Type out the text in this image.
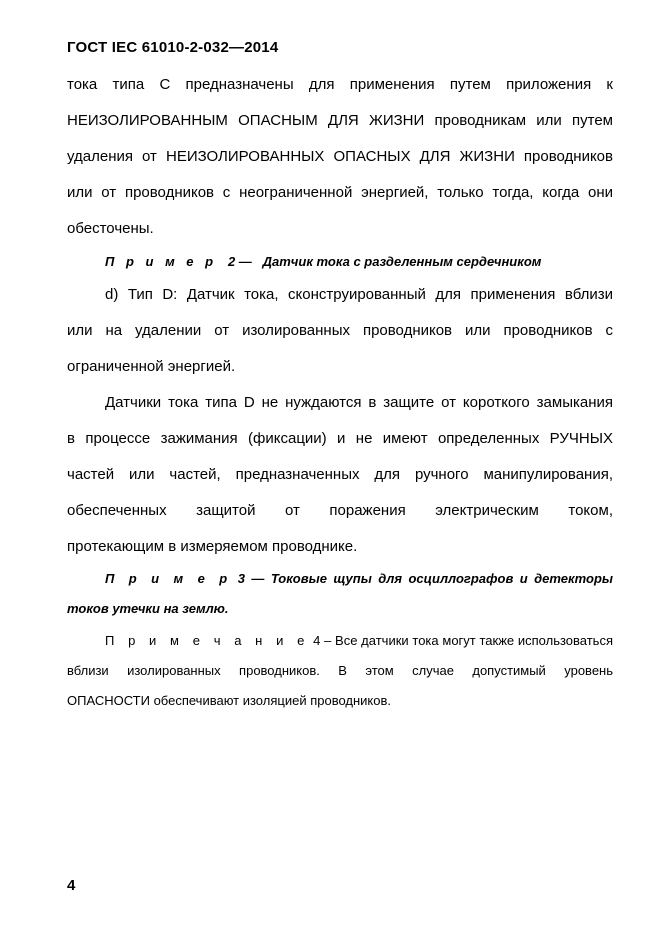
ГОСТ IEC 61010-2-032—2014
тока типа C предназначены для применения путем приложения к
НЕИЗОЛИРОВАННЫМ ОПАСНЫМ ДЛЯ ЖИЗНИ проводникам или путем
удаления от НЕИЗОЛИРОВАННЫХ ОПАСНЫХ ДЛЯ ЖИЗНИ проводников
или от проводников с неограниченной энергией, только тогда, когда они
обесточены.
П р и м е р 2 — Датчик тока с разделенным сердечником
d) Тип D: Датчик тока, сконструированный для применения вблизи
или на удалении от изолированных проводников или проводников с
ограниченной энергией.
Датчики тока типа D не нуждаются в защите от короткого замыкания
в процессе зажимания (фиксации) и не имеют определенных РУЧНЫХ
частей или частей, предназначенных для ручного манипулирования,
обеспеченных защитой от поражения электрическим током,
протекающим в измеряемом проводнике.
П р и м е р 3 — Токовые щупы для осциллографов и детекторы
токов утечки на землю.
П р и м е ч а н и е 4 – Все датчики тока могут также использоваться
вблизи изолированных проводников. В этом случае допустимый уровень
ОПАСНОСТИ обеспечивают изоляцией проводников.
4
